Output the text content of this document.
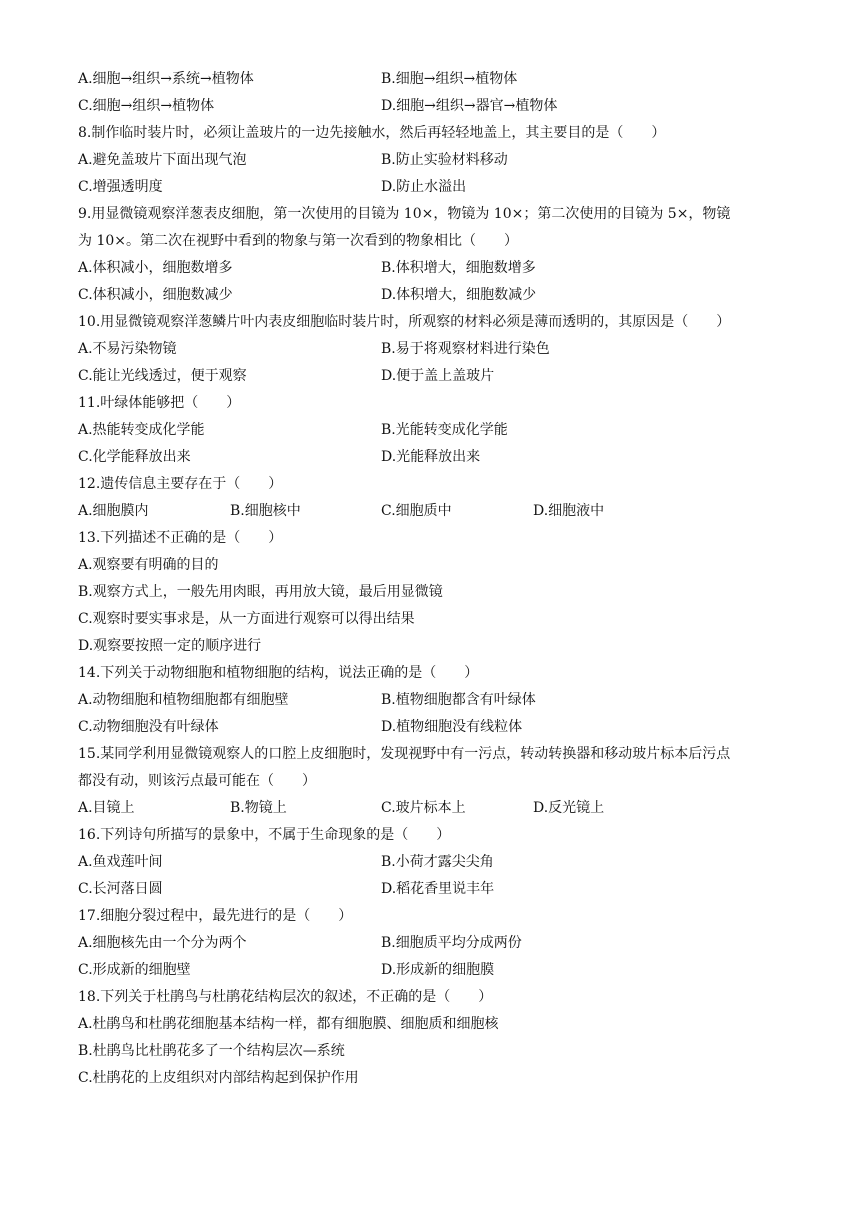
A.细胞→组织→系统→植物体	B.细胞→组织→植物体
C.细胞→组织→植物体	D.细胞→组织→器官→植物体
8.制作临时装片时，必须让盖玻片的一边先接触水，然后再轻轻地盖上，其主要目的是（　　）
A.避免盖玻片下面出现气泡	B.防止实验材料移动
C.增强透明度	D.防止水溢出
9.用显微镜观察洋葱表皮细胞，第一次使用的目镜为 10×，物镜为 10×；第二次使用的目镜为 5×，物镜
为 10×。第二次在视野中看到的物象与第一次看到的物象相比（　　）
A.体积减小，细胞数增多	B.体积增大，细胞数增多
C.体积减小，细胞数减少	D.体积增大，细胞数减少
10.用显微镜观察洋葱鳞片叶内表皮细胞临时装片时，所观察的材料必须是薄而透明的，其原因是（　　）
A.不易污染物镜	B.易于将观察材料进行染色
C.能让光线透过，便于观察	D.便于盖上盖玻片
11.叶绿体能够把（　　）
A.热能转变成化学能	B.光能转变成化学能
C.化学能释放出来	D.光能释放出来
12.遗传信息主要存在于（　　）
A.细胞膜内	B.细胞核中	C.细胞质中	D.细胞液中
13.下列描述不正确的是（　　）
A.观察要有明确的目的
B.观察方式上，一般先用肉眼，再用放大镜，最后用显微镜
C.观察时要实事求是，从一方面进行观察可以得出结果
D.观察要按照一定的顺序进行
14.下列关于动物细胞和植物细胞的结构，说法正确的是（　　）
A.动物细胞和植物细胞都有细胞壁	B.植物细胞都含有叶绿体
C.动物细胞没有叶绿体	D.植物细胞没有线粒体
15.某同学利用显微镜观察人的口腔上皮细胞时，发现视野中有一污点，转动转换器和移动玻片标本后污点
都没有动，则该污点最可能在（　　）
A.目镜上	B.物镜上	C.玻片标本上	D.反光镜上
16.下列诗句所描写的景象中，不属于生命现象的是（　　）
A.鱼戏莲叶间	B.小荷才露尖尖角
C.长河落日圆	D.稻花香里说丰年
17.细胞分裂过程中，最先进行的是（　　）
A.细胞核先由一个分为两个	B.细胞质平均分成两份
C.形成新的细胞壁	D.形成新的细胞膜
18.下列关于杜鹃鸟与杜鹃花结构层次的叙述，不正确的是（　　）
A.杜鹃鸟和杜鹃花细胞基本结构一样，都有细胞膜、细胞质和细胞核
B.杜鹃鸟比杜鹃花多了一个结构层次—系统
C.杜鹃花的上皮组织对内部结构起到保护作用
